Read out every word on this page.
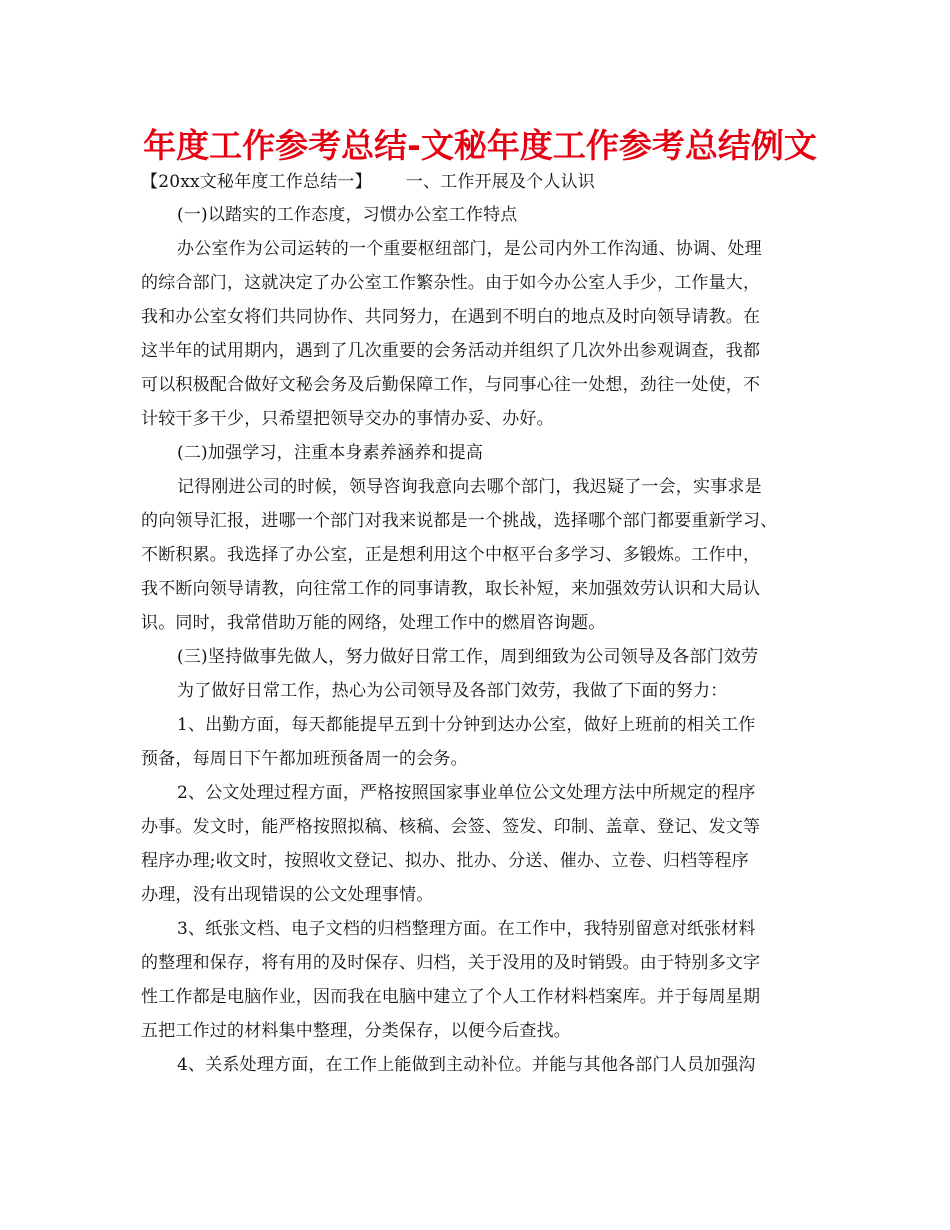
年度工作参考总结-文秘年度工作参考总结例文
【20xx文秘年度工作总结一】 一、工作开展及个人认识
(一)以踏实的工作态度，习惯办公室工作特点
办公室作为公司运转的一个重要枢纽部门，是公司内外工作沟通、协调、处理
的综合部门，这就决定了办公室工作繁杂性。由于如今办公室人手少，工作量大，
我和办公室女将们共同协作、共同努力，在遇到不明白的地点及时向领导请教。在
这半年的试用期内，遇到了几次重要的会务活动并组织了几次外出参观调查，我都
可以积极配合做好文秘会务及后勤保障工作，与同事心往一处想，劲往一处使，不
计较干多干少，只希望把领导交办的事情办妥、办好。
(二)加强学习，注重本身素养涵养和提高
记得刚进公司的时候，领导咨询我意向去哪个部门，我迟疑了一会，实事求是
的向领导汇报，进哪一个部门对我来说都是一个挑战，选择哪个部门都要重新学习、
不断积累。我选择了办公室，正是想利用这个中枢平台多学习、多锻炼。工作中，
我不断向领导请教，向往常工作的同事请教，取长补短，来加强效劳认识和大局认
识。同时，我常借助万能的网络，处理工作中的燃眉咨询题。
(三)坚持做事先做人，努力做好日常工作，周到细致为公司领导及各部门效劳
为了做好日常工作，热心为公司领导及各部门效劳，我做了下面的努力：
1、出勤方面，每天都能提早五到十分钟到达办公室，做好上班前的相关工作
预备，每周日下午都加班预备周一的会务。
2、公文处理过程方面，严格按照国家事业单位公文处理方法中所规定的程序
办事。发文时，能严格按照拟稿、核稿、会签、签发、印制、盖章、登记、发文等
程序办理;收文时，按照收文登记、拟办、批办、分送、催办、立卷、归档等程序
办理，没有出现错误的公文处理事情。
3、纸张文档、电子文档的归档整理方面。在工作中，我特别留意对纸张材料
的整理和保存，将有用的及时保存、归档，关于没用的及时销毁。由于特别多文字
性工作都是电脑作业，因而我在电脑中建立了个人工作材料档案库。并于每周星期
五把工作过的材料集中整理，分类保存，以便今后查找。
4、关系处理方面，在工作上能做到主动补位。并能与其他各部门人员加强沟
